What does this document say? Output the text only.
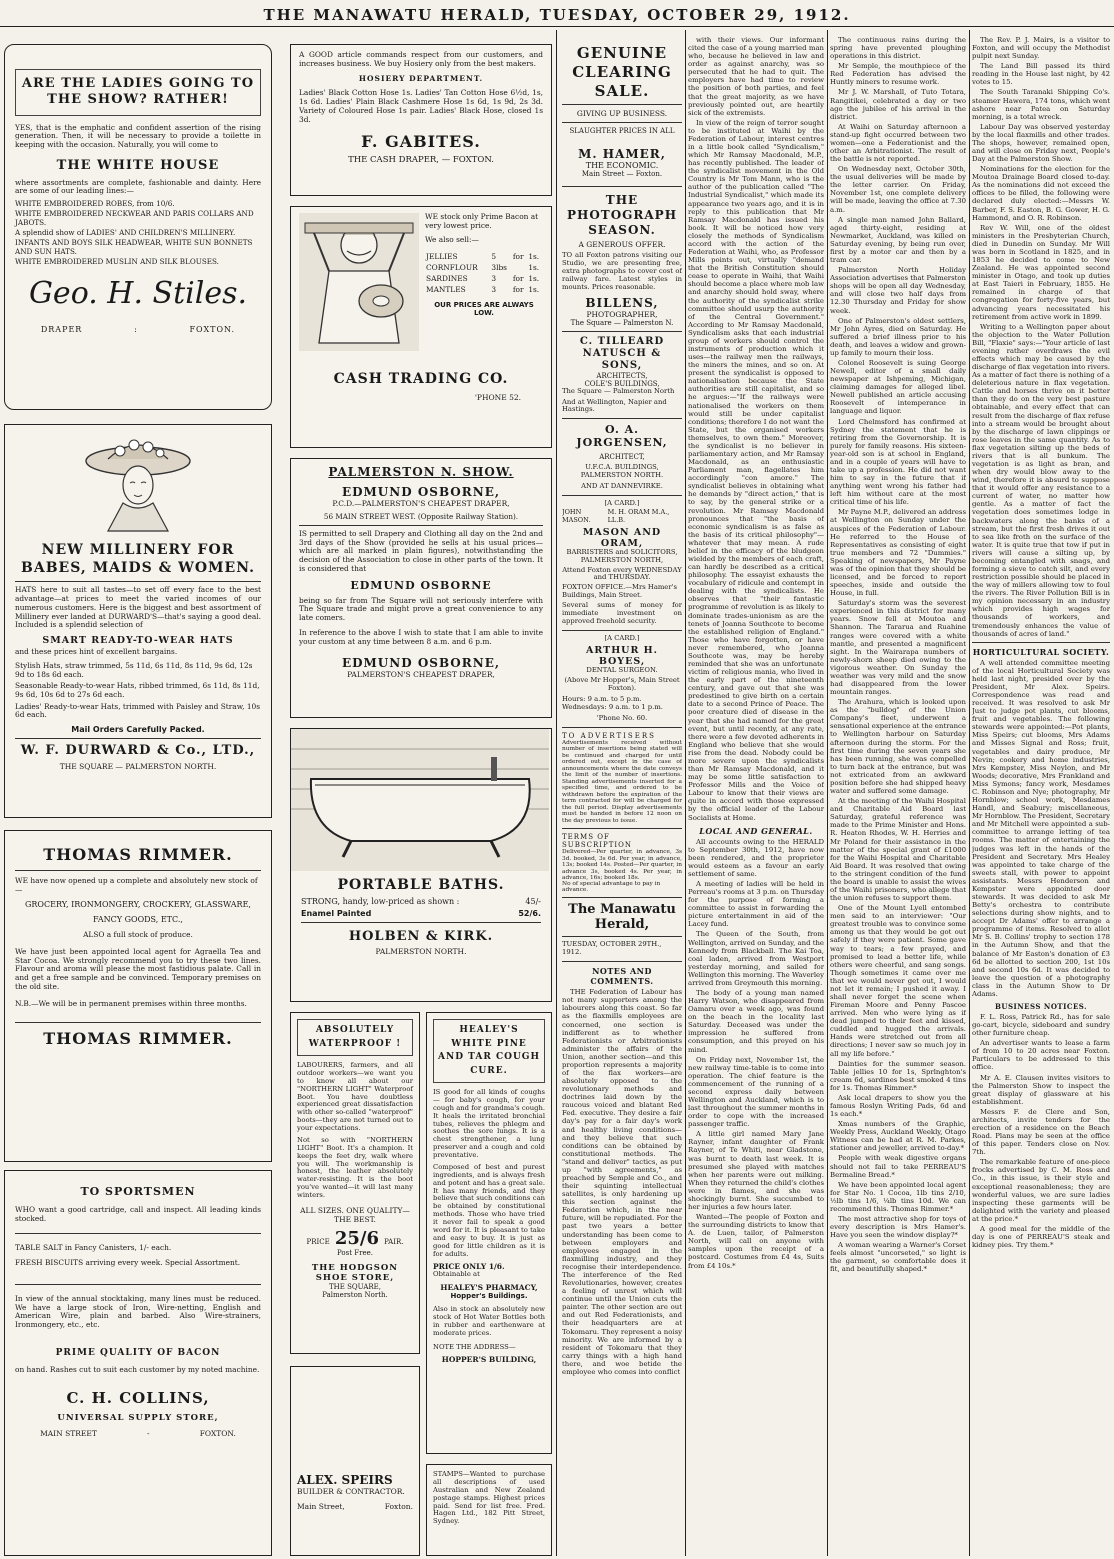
THE MANAWATU HERALD, TUESDAY, OCTOBER 29, 1912.
ARE THE LADIES GOING TO THE SHOW? RATHER!
YES, that is the emphatic and confident assertion of the rising generation. Then, it will be necessary to provide a toilette in keeping with the occasion. Naturally, you will come to
THE WHITE HOUSE
where assortments are complete, fashionable and dainty. Here are some of our leading lines:—
WHITE EMBROIDERED ROBES, from 10/6.
WHITE EMBROIDERED NECKWEAR AND PARIS COLLARS AND JABOTS.
A splendid show of LADIES' AND CHILDREN'S MILLINERY.
INFANTS AND BOYS SILK HEADWEAR, WHITE SUN BONNETS AND SUN HATS.
WHITE EMBROIDERED MUSLIN AND SILK BLOUSES.
Geo. H. Stiles.
DRAPER	:	FOXTON.
NEW MILLINERY FOR BABES, MAIDS & WOMEN.
HATS here to suit all tastes—to set off every face to the best advantage—at prices to meet the varied incomes of our numerous customers. Here is the biggest and best assortment of Millinery ever landed at DURWARD'S—that's saying a good deal. Included is a splendid selection of
SMART READY-TO-WEAR HATS
and these prices hint of excellent bargains.
Stylish Hats, straw trimmed, 5s 11d, 6s 11d, 8s 11d, 9s 6d, 12s 9d to 18s 6d each.
Seasonable Ready-to-wear Hats, ribbed trimmed, 6s 11d, 8s 11d, 9s 6d, 10s 6d to 27s 6d each.
Ladies' Ready-to-wear Hats, trimmed with Paisley and Straw, 10s 6d each.
Mail Orders Carefully Packed.
W. F. DURWARD & Co., LTD.,
THE SQUARE — PALMERSTON NORTH.
THOMAS RIMMER.
WE have now opened up a complete and absolutely new stock of—
GROCERY, IRONMONGERY, CROCKERY, GLASSWARE, FANCY GOODS, ETC.,
ALSO a full stock of produce.
We have just been appointed local agent for Agraella Tea and Star Cocoa. We strongly recommend you to try these two lines. Flavour and aroma will please the most fastidious palate. Call in and get a free sample and be convinced. Temporary premises on the old site.
N.B.—We will be in permanent premises within three months.
THOMAS RIMMER.
TO SPORTSMEN
WHO want a good cartridge, call and inspect. All leading kinds stocked.
TABLE SALT in Fancy Canisters, 1/- each.
FRESH BISCUITS arriving every week. Special Assortment.
In view of the annual stocktaking, many lines must be reduced. We have a large stock of Iron, Wire-netting, English and American Wire, plain and barbed. Also Wire-strainers, Ironmongery, etc., etc.
PRIME QUALITY OF BACON
on hand. Rashes cut to suit each customer by my noted machine.
C. H. COLLINS,
UNIVERSAL SUPPLY STORE,
MAIN STREET	-	FOXTON.
A GOOD article commands respect from our customers, and increases business. We buy Hosiery only from the best makers.
HOSIERY DEPARTMENT.
Ladies' Black Cotton Hose 1s. Ladies' Tan Cotton Hose 6½d, 1s, 1s 6d. Ladies' Plain Black Cashmere Hose 1s 6d, 1s 9d, 2s 3d. Variety of Coloured Hose 1s pair. Ladies' Black Hose, closed 1s 3d.
F. GABITES.
THE CASH DRAPER, — FOXTON.
WE stock only Prime Bacon at very lowest price.
We also sell:—
JELLIES	5	for	1s.
CORNFLOUR	3lbs		1s.
SARDINES	3	for	1s.
MANTLES	3	for	1s.
OUR PRICES ARE ALWAYS LOW.
CASH TRADING CO.
'PHONE 52.
PALMERSTON N. SHOW.
EDMUND OSBORNE,
P.C.D.—PALMERSTON'S CHEAPEST DRAPER,
56 MAIN STREET WEST. (Opposite Railway Station).
IS permitted to sell Drapery and Clothing all day on the 2nd and 3rd days of the Show (provided he sells at his usual prices—which are all marked in plain figures), notwithstanding the decision of the Association to close in other parts of the town. It is considered that
EDMUND OSBORNE
being so far from The Square will not seriously interfere with The Square trade and might prove a great convenience to any late comers.
In reference to the above I wish to state that I am able to invite your custom at any time between 8 a.m. and 6 p.m.
EDMUND OSBORNE,
PALMERSTON'S CHEAPEST DRAPER,
PORTABLE BATHS.
STRONG, handy, low-priced as shown :	45/-
Enamel Painted	52/6.
HOLBEN & KIRK.
PALMERSTON NORTH.
ABSOLUTELY WATERPROOF !
LABOURERS, farmers, and all outdoor workers—we want you to know all about our "NORTHERN LIGHT" Waterproof Boot. You have doubtless experienced great dissatisfaction with other so-called "waterproof" boots—they are not turned out to your expectations.
Not so with "NORTHERN LIGHT" Boot. It's a champion. It keeps the feet dry, walk where you will. The workmanship is honest, the leather absolutely water-resisting. It is the boot you've wanted—it will last many winters.
ALL SIZES. ONE QUALITY—THE BEST.
PRICE 25/6 PAIR.
Post Free.
THE HODGSON SHOE STORE,
THE SQUARE,
Palmerston North.
HEALEY'S WHITE PINE AND TAR COUGH CURE.
IS good for all kinds of coughs — for baby's cough, for your cough and for grandma's cough. It heals the irritated bronchial tubes, relieves the phlegm and soothes the sore lungs. It is a chest strengthener, a lung preserver and a cough and cold preventative.
Composed of best and purest ingredients, and is always fresh and potent and has a great sale. It has many friends, and they believe that such conditions can be obtained by constitutional methods. Those who have tried it never fail to speak a good word for it. It is pleasant to take and easy to buy. It is just as good for little children as it is for adults.
PRICE ONLY 1/6.
Obtainable at
HEALEY'S PHARMACY,
Hopper's Buildings.
Also in stock an absolutely new stock of Hot Water Bottles both in rubber and earthenware at moderate prices.
NOTE THE ADDRESS—
HOPPER'S BUILDING,
ALEX. SPEIRS
BUILDER & CONTRACTOR.
Main Street,	Foxton.
STAMPS—Wanted to purchase all descriptions of used Australian and New Zealand postage stamps. Highest prices paid. Send for list free. Fred. Hagen Ltd., 182 Pitt Street, Sydney.
GENUINE CLEARING SALE.
GIVING UP BUSINESS.
SLAUGHTER PRICES IN ALL
M. HAMER,
THE ECONOMIC.
Main Street — Foxton.
THE PHOTOGRAPH SEASON.
A GENEROUS OFFER.
TO all Foxton patrons visiting our Studio, we are presenting free, extra photographs to cover cost of railway fare. Latest styles in mounts. Prices reasonable.
BILLENS,
PHOTOGRAPHER,
The Square — Palmerston N.
C. TILLEARD NATUSCH & SONS,
ARCHITECTS,
COLE'S BUILDINGS,
The Square — Palmerston North
And at Wellington, Napier and Hastings.
O. A. JORGENSEN,
ARCHITECT,
U.F.C.A. BUILDINGS, PALMERSTON NORTH.
AND AT DANNEVIRKE.
[A CARD.]
JOHN MASON.
M. H. ORAM M.A., LL.B.
MASON AND ORAM,
BARRISTERS and SOLICITORS, PALMERSTON NORTH,
Attend Foxton every WEDNESDAY and THURSDAY.
FOXTON OFFICE.—Mrs Hamer's Buildings, Main Street.
Several sums of money for immediate investment on approved freehold security.
[A CARD.]
ARTHUR H. BOYES,
DENTAL SURGEON.
(Above Mr Hopper's, Main Street Foxton).
Hours: 9 a.m. to 5 p.m. Wednesdays: 9 a.m. to 1 p.m.
'Phone No. 60.
TO ADVERTISERS
Advertisements received without number of insertions being stated will be continued and charged for until ordered out, except in the case of announcements where the date conveys the limit of the number of insertions. Standing advertisements inserted for a specified time, and ordered to be withdrawn before the expiration of the term contracted for will be charged for the full period. Display advertisements must be handed in before 12 noon on the day previous to issue.
TERMS OF SUBSCRIPTION
Delivered—Per quarter, in advance, 3s 3d. booked, 3s 6d. Per year, in advance, 13s; booked 14s. Posted—Per quarter, in advance 3s, booked 4s. Per year, in advance, 16s; booked 18s.
No of special advantage to pay in advance.
The Manawatu Herald,
TUESDAY, OCTOBER 29TH., 1912.
NOTES AND COMMENTS.

THE Federation of Labour has not many supporters among the labourers along this coast. So far as the flaxmills employees are concerned, one section is indifferent as to whether Federationists or Arbitrationists administer the affairs of the Union, another section—and this proportion represents a majority of the flax workers—are absolutely opposed to the revolutionary methods and doctrines laid down by the raucous voiced and blatant Red Fed. executive. They desire a fair day's pay for a fair day's work and healthy living conditions—and they believe that such conditions can be obtained by constitutional methods. The "stand and deliver" tactics, as put up "with agreements," as preached by Semple and Co., and their squinting intellectual satellites, is only hardening up this section against the Federation which, in the near future, will be repudiated. For the past two years a better understanding has been come to between employers and employees engaged in the flaxmilling industry, and they recognise their interdependence. The interference of the Red Revolutionaries, however, creates a feeling of unrest which will continue until the Union cuts the painter. The other section are out and out Red Federationists, and their headquarters are at Tokomaru. They represent a noisy minority. We are informed by a resident of Tokomaru that they carry things with a high hand there, and woe betide the employee who comes into conflict

with their views. Our informant cited the case of a young married man who, because he believed in law and order as against anarchy, was so persecuted that he had to quit. The employers have had time to review the position of both parties, and feel that the great majority, as we have previously pointed out, are heartily sick of the extremists.

In view of the reign of terror sought to be instituted at Waihi by the Federation of Labour, interest centres in a little book called "Syndicalism," which Mr Ramsay Macdonald, M.P., has recently published. The leader of the syndicalist movement in the Old Country is Mr Tom Mann, who is the author of the publication called "The Industrial Syndicalist," which made its appearance two years ago, and it is in reply to this publication that Mr Ramsay Macdonald has issued his book. It will be noticed how very closely the methods of Syndicalism accord with the action of the Federation at Waihi, who, as Professor Mills points out, virtually "demand that the British Constitution should cease to operate in Waihi, that Waihi should become a place where mob law and anarchy should hold sway, where the authority of the syndicalist strike committee should usurp the authority of the Central Government." According to Mr Ramsay Macdonald, Syndicalism asks that each industrial group of workers should control the instruments of production which it uses—the railway men the railways, the miners the mines, and so on. At present the syndicalist is opposed to nationalisation because the State authorities are still capitalist, and so he argues:—"If the railways were nationalised the workers on them would still be under capitalist conditions; therefore I do not want the State, but the organised workers themselves, to own them." Moreover, the syndicalist is no believer in parliamentary action, and Mr Ramsay Macdonald, as an enthusiastic Parliament man, flagellates him accordingly "con amore." The syndicalist believes in obtaining what he demands by "direct action," that is to say, by the general strike or a revolution. Mr Ramsay Macdonald pronounces that "the basis of economic syndicalism is as false as the basis of its critical philosophy"—whatever that may mean. A rude belief in the efficacy of the bludgeon wielded by the members of each craft, can hardly be described as a critical philosophy. The essayist exhausts the vocabulary of ridicule and contempt in dealing with the syndicalists. He observes that "their fantastic programme of revolution is as likely to dominate trades-unionism as are the tenets of Joanna Southcote to become the established religion of England." Those who have forgotten, or have never remembered, who Joanna Southcote was, may be hereby reminded that she was an unfortunate victim of religious mania, who lived in the early part of the nineteenth century, and gave out that she was predestined to give birth on a certain date to a second Prince of Peace. The poor creature died of disease in the year that she had named for the great event, but until recently, at any rate, there were a few devoted adherents in England who believe that she would rise from the dead. Nobody could be more severe upon the syndicalists than Mr Ramsay Macdonald, and it may be some little satisfaction to Professor Mills and the Voice of Labour to know that their views are quite in accord with those expressed by the official leader of the Labour Socialists at Home.

LOCAL AND GENERAL.

All accounts owing to the HERALD to September 30th, 1912, have now been rendered, and the proprietor would esteem as a favour an early settlement of same.

A meeting of ladies will be held in Perreau's rooms at 3 p.m. on Thursday for the purpose of forming a committee to assist in forwarding the picture entertainment in aid of the Lacey fund.

The Queen of the South, from Wellington, arrived on Sunday, and the Kennedy from Blackball. The Kai Toa, coal laden, arrived from Westport yesterday morning, and sailed for Wellington this morning. The Waverley arrived from Greymouth this morning.

The body of a young man named Harry Watson, who disappeared from Oamaru over a week ago, was found on the beach in the locality last Saturday. Deceased was under the impression he suffered from consumption, and this preyed on his mind.

On Friday next, November 1st, the new railway time-table is to come into operation. The chief feature is the commencement of the running of a second express daily between Wellington and Auckland, which is to last throughout the summer months in order to cope with the increased passenger traffic.

A little girl named Mary Jane Rayner, infant daughter of Frank Rayner, of Te Whiti, near Gladstone, was burnt to death last week. It is presumed she played with matches when her parents were out milking. When they returned the child's clothes were in flames, and she was shockingly burnt. She succumbed to her injuries a few hours later.

Wanted—The people of Foxton and the surrounding districts to know that A. de Luen, tailor, of Palmerston North, will call on anyone with samples upon the receipt of a postcard. Costumes from £4 4s, Suits from £4 10s.*

The continuous rains during the spring have prevented ploughing operations in this district.

Mr Semple, the mouthpiece of the Red Federation has advised the Huntly miners to resume work.

Mr J. W. Marshall, of Tuto Totara, Rangitikei, celebrated a day or two ago the jubilee of his arrival in the district.

At Waihi on Saturday afternoon a stand-up fight occurred between two women—one a Federationist and the other an Arbitrationist. The result of the battle is not reported.

On Wednesday next, October 30th, the usual deliveries will be made by the letter carrier. On Friday, November 1st, one complete delivery will be made, leaving the office at 7.30 a.m.

A single man named John Ballard, aged thirty-eight, residing at Newmarket, Auckland, was killed on Saturday evening, by being run over, first by a motor car and then by a tram car.

Palmerston North Holiday Association advertises that Palmerston shops will be open all day Wednesday, and will close two half days from 12.30 Thursday and Friday for show week.

One of Palmerston's oldest settlers, Mr John Ayres, died on Saturday. He suffered a brief illness prior to his death, and leaves a widow and grown-up family to mourn their loss.

Colonel Roosevelt is suing George Newell, editor of a small daily newspaper at Ishpeming, Michigan, claiming damages for alleged libel. Newell published an article accusing Roosevelt of intemperance in language and liquor.

Lord Chelmsford has confirmed at Sydney the statement that he is retiring from the Governorship. It is purely for family reasons. His sixteen-year-old son is at school in England, and in a couple of years will have to take up a profession. He did not want him to say in the future that if anything went wrong his father had left him without care at the most critical time of his life.

Mr Payne M.P., delivered an address at Wellington on Sunday under the auspices of the Federation of Labour. He referred to the House of Representatives as consisting of eight true members and 72 "Dummies." Speaking of newspapers, Mr Payne was of the opinion that they should be licensed, and be forced to report speeches, inside and outside the House, in full.

Saturday's storm was the severest experienced in this district for many years. Snow fell at Moutoa and Shannon. The Tararua and Ruahine ranges were covered with a white mantle, and presented a magnificent sight. In the Wairarapa numbers of newly-shorn sheep died owing to the vigorous weather. On Sunday the weather was very mild and the snow had disappeared from the lower mountain ranges.

The Arahura, which is looked upon as the "bulldog" of the Union Company's fleet, underwent a sensational experience at the entrance to Wellington harbour on Saturday afternoon during the storm. For the first time during the seven years she has been running, she was compelled to turn back at the entrance, but was not extricated from an awkward position before she had shipped heavy water and suffered some damage.

At the meeting of the Waihi Hospital and Charitable Aid Board last Saturday, grateful reference was made to the Prime Minister and Hons. R. Heaton Rhodes, W. H. Herries and Mr Poland for their assistance in the matter of the special grant of £1000 for the Waihi Hospital and Charitable Aid Board. It was resolved that owing to the stringent condition of the fund the board is unable to assist the wives of the Waihi prisoners, who allege that the union refuses to support them.

One of the Mount Lyell entombed men said to an interviewer: "Our greatest trouble was to convince some among us that they would be got out safely if they were patient. Some gave way to tears; a few prayed, and promised to lead a better life, while others were cheerful, and sang songs. Though sometimes it came over me that we would never get out, I would not let it remain; I pushed it away. I shall never forget the scene when Fireman Moore and Penny Pascoe arrived. Men who were lying as if dead jumped to their feet and kissed, cuddled and hugged the arrivals. Hands were stretched out from all directions; I never saw so much joy in all my life before."

Dainties for the summer season. Table jellies 10 for 1s, Sprlnghton's cream 6d, sardines best smoked 4 tins for 1s. Thomas Rimmer.*

Ask local drapers to show you the famous Roslyn Writing Pads, 6d and 1s each.*

Xmas numbers of the Graphic, Weekly Press, Auckland Weekly, Otago Witness can be had at R. M. Parkes, stationer and jeweller, arrived to-day.*

People with weak digestive organs should not fail to take PERREAU'S Bermaline Bread.*

We have been appointed local agent for Star No. 1 Cocoa, 1lb tins 2/10, ½lb tins 1/6, ¼lb tins 10d. We can recommend this. Thomas Rimmer.*

The most attractive shop for toys of every description is Mrs Hamer's. Have you seen the window display?*

A woman wearing a Warner's Corset feels almost "uncorseted," so light is the garment, so comfortable does it fit, and beautifully shaped.*

The Rev. P. J. Mairs, is a visitor to Foxton, and will occupy the Methodist pulpit next Sunday.

The Land Bill passed its third reading in the House last night, by 42 votes to 15.

The South Taranaki Shipping Co's. steamer Hawera, 174 tons, which went ashore near Patea on Saturday morning, is a total wreck.

Labour Day was observed yesterday by the local flaxmills and other trades. The shops, however, remained open, and will close on Friday next, People's Day at the Palmerston Show.

Nominations for the election for the Moutoa Drainage Board closed to-day. As the nominations did not exceed the offices to be filled, the following were declared duly elected:—Messrs W. Barber, F. S. Easton, B. G. Gower, H. G. Hammond, and O. R. Robinson.

Rev W. Will, one of the oldest ministers in the Presbyterian Church, died in Dunedin on Sunday. Mr Will was born in Scotland in 1825, and in 1853 he decided to come to New Zealand. He was appointed second minister in Otago, and took up duties at East Taieri in February, 1855. He remained in charge of that congregation for forty-five years, but advancing years necessitated his retirement from active work in 1899.

Writing to a Wellington paper about the objection to the Water Pollution Bill, "Flaxie" says:—"Your article of last evening rather overdraws the evil effects which may be caused by the discharge of flax vegetation into rivers. As a matter of fact there is nothing of a deleterious nature in flax vegetation. Cattle and horses thrive on it better than they do on the very best pasture obtainable, and every effect that can result from the discharge of flax refuse into a stream would be brought about by the discharge of lawn clippings or rose leaves in the same quantity. As to flax vegetation silting up the beds of rivers that is all bunkum. The vegetation is as light as bran, and when dry would blow away to the wind, therefore it is absurd to suppose that it would offer any resistance to a current of water, no matter how gentle. As a matter of fact the vegetation does sometimes lodge in backwaters along the banks of a stream, but the first fresh drives it out to sea like froth on the surface of the water. It is quite true that tow if put in rivers will cause a silting up, by becoming entangled with snags, and forming a sieve to catch silt, and every restriction possible should be placed in the way of millers allowing tow to foul the rivers. The River Pollution Bill is in my opinion necessary in an industry which provides high wages for thousands of workers, and tremendously enhances the value of thousands of acres of land."

HORTICULTURAL SOCIETY.

A well attended committee meeting of the local Horticultural Society was held last night, presided over by the President, Mr Alex. Speirs. Correspondence was read and received. It was resolved to ask Mr Just to judge pot plants, cut blooms, fruit and vegetables. The following stewards were appointed:—Pot plants, Miss Speirs; cut blooms, Mrs Adams and Misses Signal and Ross; fruit, vegetables and dairy produce, Mr Nevin; cookery and home industries, Mrs Kempster, Miss Neylon, and Mr Woods; decorative, Mrs Frankland and Miss Symons; fancy work, Mesdames C. Robinson and Nye; photography, Mr Hornblow; school work, Mesdames Handl, and Seabury; miscellaneous, Mr Hornblow. The President, Secretary and Mr Mitchell were appointed a sub-committee to arrange letting of tea rooms. The matter of entertaining the judges was left in the hands of the President and Secretary. Mrs Healey was appointed to take charge of the sweets stall, with power to appoint assistants. Messrs Henderson and Kempster were appointed door stewards. It was decided to ask Mr Betty's orchestra to contribute selections during show nights, and to accept Dr Adams' offer to arrange a programme of items. Resolved to allot Mr S. B. Collins' trophy to section 178 in the Autumn Show, and that the balance of Mr Easton's donation of £3 6d be allotted to section 200, 1st 10s and second 10s 6d. It was decided to leave the question of a photography class in the Autumn Show to Dr Adams.

BUSINESS NOTICES.

F. L. Ross, Patrick Rd., has for sale go-cart, bicycle, sideboard and sundry other furniture cheap.

An advertiser wants to lease a farm of from 10 to 20 acres near Foxton. Particulars to be addressed to this office.

Mr A. E. Clausen invites visitors to the Palmerston Show to inspect the great display of glassware at his establishment.

Messrs F. de Clere and Son, architects, invite tenders for the erection of a residence on the Beach Road. Plans may be seen at the office of this paper. Tenders close on Nov. 7th.

The remarkable feature of one-piece frocks advertised by C. M. Ross and Co., in this issue, is their style and exceptional reasonableness; they are wonderful values, we are sure ladies inspecting these garments will be delighted with the variety and pleased at the price.*

A good meal for the middle of the day is one of PERREAU'S steak and kidney pies. Try them.*
